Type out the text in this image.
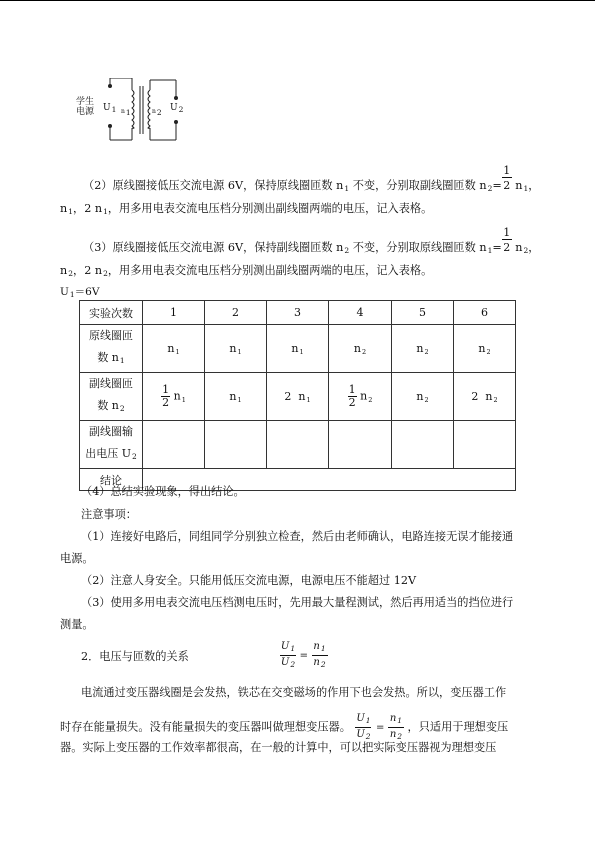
学生
电源 $U_1$ n1	n2 $U_2$
（2）原线圈接低压交流电源 6V，保持原线圈匝数 $n_1$ 不变，分别取副线圈匝数 $n_2= \frac{1}{2} n_1$，
$n_1$，2 $n_1$，用多用电表交流电压档分别测出副线圈两端的电压，记入表格。
（3）原线圈接低压交流电源 6V，保持副线圈匝数 $n_2$ 不变，分别取原线圈匝数 $n_1= \frac{1}{2} n_2$，
$n_2$，2 $n_2$，用多用电表交流电压档分别测出副线圈两端的电压，记入表格。
$U_1=6V$
实验次数	1	2	3	4	5	6
原线圈匝
数 $n_1$	$n_1$	$n_1$	$n_1$	$n_2$	$n_2$	$n_2$
副线圈匝
数 $n_2$	$\frac{1}{2} n_1$	$n_1$	2  $n_1$	$\frac{1}{2} n_2$	$n_2$	2  $n_2$
副线圈输
出电压 $U_2$						
结论						
（4）总结实验现象，得出结论。
注意事项：
（1）连接好电路后，同组同学分别独立检查，然后由老师确认，电路连接无误才能接通
电源。
（2）注意人身安全。只能用低压交流电源，电源电压不能超过 12V
（3）使用多用电表交流电压档测电压时，先用最大量程测试，然后再用适当的挡位进行
测量。
2．电压与匝数的关系	$\frac{U_1}{U_2} = \frac{n_1}{n_2}$
电流通过变压器线圈是会发热，铁芯在交变磁场的作用下也会发热。所以，变压器工作
时存在能量损失。没有能量损失的变压器叫做理想变压器。 $\frac{U_1}{U_2} = \frac{n_1}{n_2}$ ，只适用于理想变压
器。实际上变压器的工作效率都很高，在一般的计算中，可以把实际变压器视为理想变压
